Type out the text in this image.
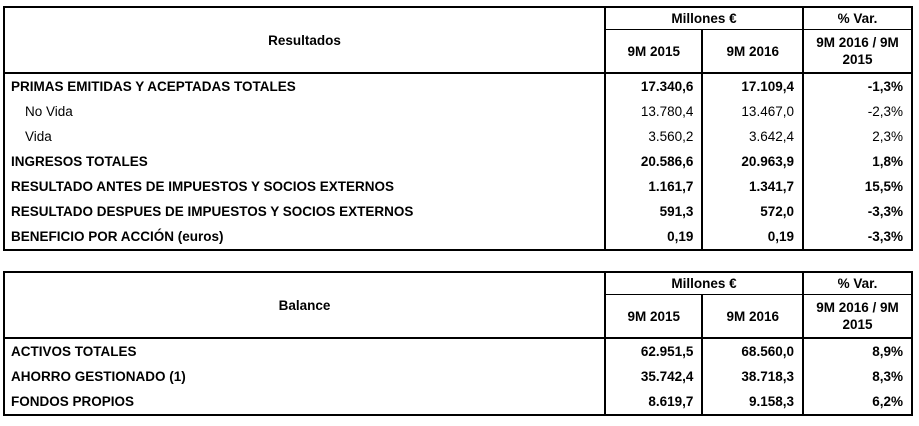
Resultados	Millones €		% Var.
	9M 2015	9M 2016	9M 2016 / 9M 2015
PRIMAS EMITIDAS Y ACEPTADAS TOTALES	17.340,6	17.109,4	-1,3%
No Vida	13.780,4	13.467,0	-2,3%
Vida	3.560,2	3.642,4	2,3%
INGRESOS TOTALES	20.586,6	20.963,9	1,8%
RESULTADO ANTES DE IMPUESTOS Y SOCIOS EXTERNOS	1.161,7	1.341,7	15,5%
RESULTADO DESPUES DE IMPUESTOS Y SOCIOS EXTERNOS	591,3	572,0	-3,3%
BENEFICIO POR ACCIÓN (euros)	0,19	0,19	-3,3%
Balance	Millones €		% Var.
	9M 2015	9M 2016	9M 2016 / 9M 2015
ACTIVOS TOTALES	62.951,5	68.560,0	8,9%
AHORRO GESTIONADO (1)	35.742,4	38.718,3	8,3%
FONDOS PROPIOS	8.619,7	9.158,3	6,2%
